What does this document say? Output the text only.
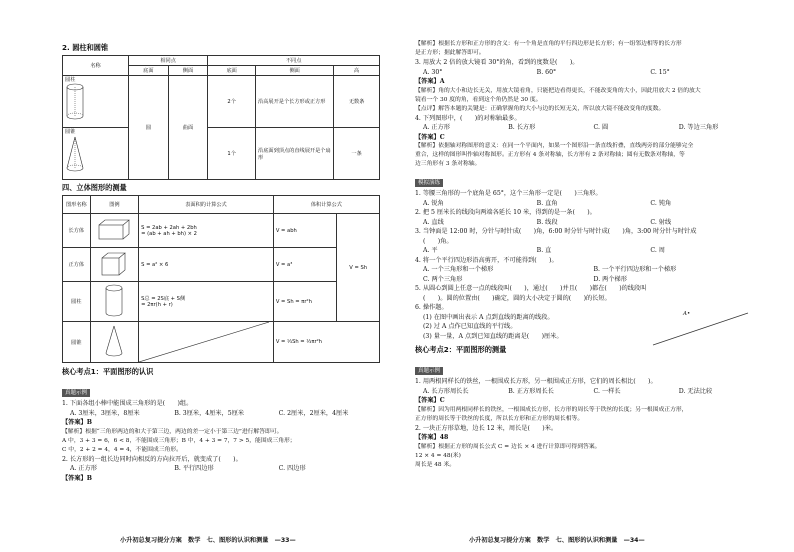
2. 圆柱和圆锥
名称	相同点		不同点		
	底面	侧面	底面	侧面	高

圆柱	圆	曲面	2个	沿高展开是个长方形或正方形	无数条

圆锥			1个	沿底面到顶点的直线展开是个扇形	一条
四、立体图形的测量
图形名称	图例	表面积的计算公式	体积计算公式	
长方体		S = 2ab + 2ah + 2bh
= (ab + ah + bh) × 2	V = abh	V = Sh
正方体		S = a² × 6	V = a³	
圆柱		S总 = 2S底 + S侧
= 2πr(h + r)	V = Sh = πr²h	
圆锥			V = ⅓Sh = ⅓πr²h	
核心考点1：平面图形的认识
真题示例
1. 下面各组小棒中能围成三角形的是(　　)组。
A. 3厘米，3厘米，8厘米	B. 3厘米，4厘米，5厘米	C. 2厘米，2厘米，4厘米
【答案】B
【解析】根据“三角形两边的和大于第三边，两边的差一定小于第三边”进行解答即可。
A 中，3 + 3 = 6，6 < 8，不能围成三角形；B 中，4 + 3 = 7，7 > 5，能围成三角形；
C 中，2 + 2 = 4，4 = 4，不能围成三角形。
2. 长方形的一组长边同时向相反的方向拉开后，就变成了(　　)。
A. 正方形	B. 平行四边形	C. 四边形
【答案】B
小升初总复习提分方案　数学　七、图形的认识和测量　—33—
【解析】根据长方形和正方形的含义：有一个角是直角的平行四边形是长方形；有一组邻边相等的长方形
是正方形；据此解答即可。
3. 用放大 2 倍的放大镜看 30°的角，看到的度数是(　　)。
A. 30°	B. 60°	C. 15°
【答案】A
【解析】角的大小和边长无关，用放大镜看角，只能把边看得更长，不能改变角的大小，因此用放大 2 倍的放大
镜看一个 30 度的角，看到这个角仍然是 30 度。
【点评】解答本题的关键是：正确掌握角的大小与边的长短无关，所以放大镜不能改变角的度数。
4. 下列图形中，(　　)的对称轴最多。
A. 正方形	B. 长方形	C. 圆	D. 等边三角形
【答案】C
【解析】依据轴对称图形的意义：在同一个平面内，如果一个图形沿一条直线折叠，直线两旁的部分能够完全
重合，这样的图形叫作轴对称图形。正方形有 4 条对称轴，长方形有 2 条对称轴；圆有无数条对称轴，等
边三角形有 3 条对称轴。
模拟演练
1. 等腰三角形的一个底角是 65°，这个三角形一定是(　　)三角形。
A. 锐角	B. 直角	C. 钝角
2. 把 5 厘米长的线段向两端各延长 10 米，得到的是一条(　　)。
A. 直线	B. 线段	C. 射线
3. 当钟面是 12:00 时，分针与时针成(　　)角，6:00 时分针与时针成(　　)角，3:00 时分针与时针成
(　　)角。
A. 平	B. 直	C. 周
4. 将一个平行四边形沿高剪开，不可能得到(　　)。
A. 一个三角形和一个梯形	B. 一个平行四边形和一个梯形
C. 两个三角形	D. 两个梯形
5. 从圆心到圆上任意一点的线段叫(　　)，通过(　　)并且(　　)都在(　　)的线段叫
(　　)。圆的位置由(　　)确定，圆的大小决定于圆的(　　)的长短。
6. 操作题。
(1) 在图中画出表示 A 点到直线的距离的线段。
(2) 过 A 点作已知直线的平行线。
(3) 量一量，A 点到已知直线的距离是(　　)厘米。
A•
核心考点2：平面图形的测量
真题示例
1. 用两根同样长的铁丝，一根围成长方形，另一根围成正方形，它们的周长相比(　　)。
A. 长方形周长长	B. 正方形周长长	C. 一样长	D. 无法比较
【答案】C
【解析】因为用两根同样长的铁丝，一根围成长方形，长方形的周长等于铁丝的长度；另一根围成正方形，
正方形的周长等于铁丝的长度，所以长方形和正方形的周长相等。
2. 一块正方形草地，边长 12 米，周长是(　　)米。
【答案】48
【解析】根据正方形的周长公式 C = 边长 × 4 进行计算即可得到答案。
12 × 4 = 48(米)
周长是 48 米。
小升初总复习提分方案　数学　七、图形的认识和测量　—34—
